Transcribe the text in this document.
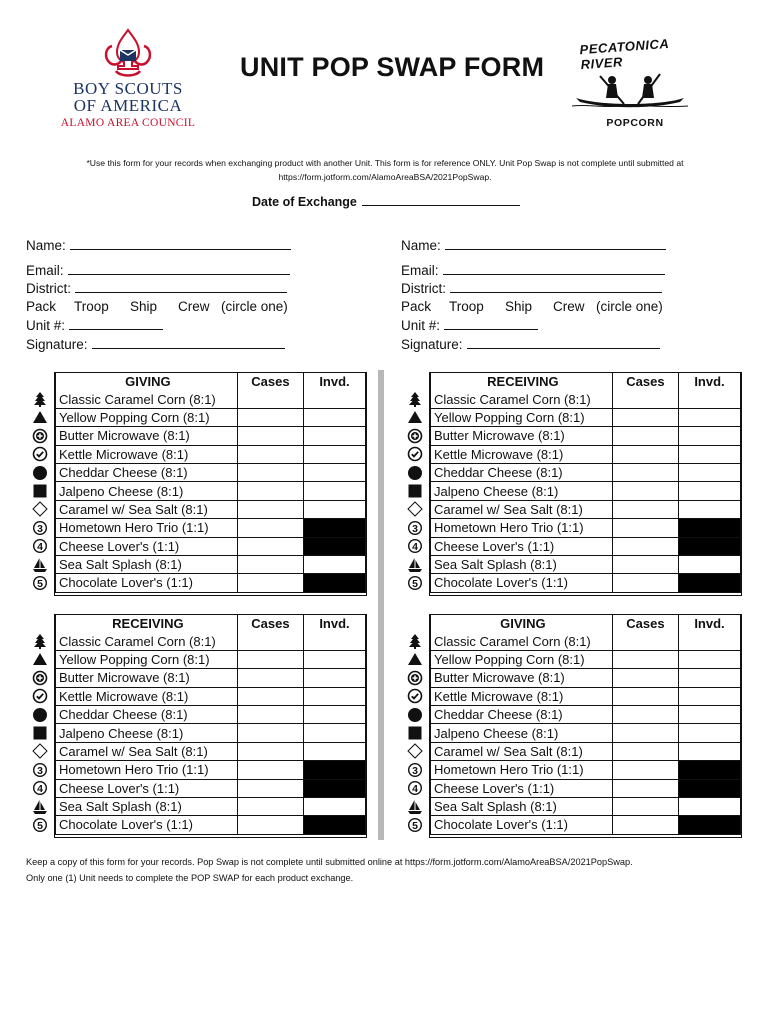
BOY SCOUTS
OF AMERICA
ALAMO AREA COUNCIL
UNIT POP SWAP FORM
PECATONICA RIVER
POPCORN
*Use this form for your records when exchanging product with another Unit. This form is for reference ONLY. Unit Pop Swap is not complete until submitted at
https://form.jotform.com/AlamoAreaBSA/2021PopSwap.
Date of Exchange
Name:
Email:
District:
Pack Troop Ship Crew (circle one)
Unit #:
Signature:
Name:
Email:
District:
Pack Troop Ship Crew (circle one)
Unit #:
Signature:
	GIVING	Cases	Invd.

	Classic Caramel Corn (8:1)		

	Yellow Popping Corn (8:1)		

	Butter Microwave (8:1)		

	Kettle Microwave (8:1)		

	Cheddar Cheese (8:1)		

	Jalpeno Cheese (8:1)		

	Caramel w/ Sea Salt (8:1)		

3	Hometown Hero Trio (1:1)		

4	Cheese Lover's (1:1)		

	Sea Salt Splash (8:1)		

5	Chocolate Lover's (1:1)		
	RECEIVING	Cases	Invd.

	Classic Caramel Corn (8:1)		

	Yellow Popping Corn (8:1)		

	Butter Microwave (8:1)		

	Kettle Microwave (8:1)		

	Cheddar Cheese (8:1)		

	Jalpeno Cheese (8:1)		

	Caramel w/ Sea Salt (8:1)		

3	Hometown Hero Trio (1:1)		

4	Cheese Lover's (1:1)		

	Sea Salt Splash (8:1)		

5	Chocolate Lover's (1:1)		
	RECEIVING	Cases	Invd.

	Classic Caramel Corn (8:1)		

	Yellow Popping Corn (8:1)		

	Butter Microwave (8:1)		

	Kettle Microwave (8:1)		

	Cheddar Cheese (8:1)		

	Jalpeno Cheese (8:1)		

	Caramel w/ Sea Salt (8:1)		

3	Hometown Hero Trio (1:1)		

4	Cheese Lover's (1:1)		

	Sea Salt Splash (8:1)		

5	Chocolate Lover's (1:1)		
	GIVING	Cases	Invd.

	Classic Caramel Corn (8:1)		

	Yellow Popping Corn (8:1)		

	Butter Microwave (8:1)		

	Kettle Microwave (8:1)		

	Cheddar Cheese (8:1)		

	Jalpeno Cheese (8:1)		

	Caramel w/ Sea Salt (8:1)		

3	Hometown Hero Trio (1:1)		

4	Cheese Lover's (1:1)		

	Sea Salt Splash (8:1)		

5	Chocolate Lover's (1:1)		
Keep a copy of this form for your records. Pop Swap is not complete until submitted online at https://form.jotform.com/AlamoAreaBSA/2021PopSwap.
Only one (1) Unit needs to complete the POP SWAP for each product exchange.
